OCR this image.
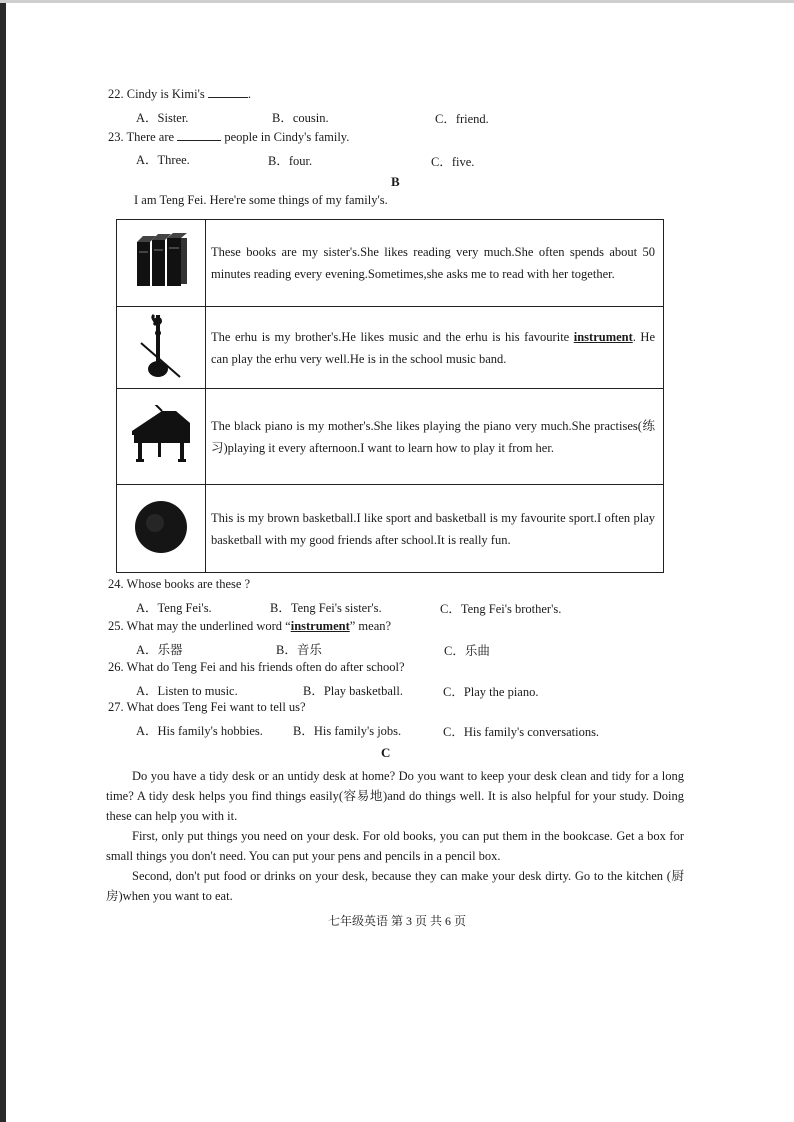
22. Cindy is Kimi's	.
A．Sister.	B．cousin.	C．friend.
23. There are	people in Cindy's family.
A．Three.	B．four.	C．five.
B
I am Teng Fei. Here're some things of my family's.
	These books are my sister's.She likes reading very much.She often spends about 50 minutes reading every evening.Sometimes,she asks me to read with her together.
	The erhu is my brother's.He likes music and the erhu is his favourite instrument. He can play the erhu very well.He is in the school music band.
	The black piano is my mother's.She likes playing the piano very much.She practises(练习)playing it every afternoon.I want to learn how to play it from her.
	This is my brown basketball.I like sport and basketball is my favourite sport.I often play basketball with my good friends after school.It is really fun.
24. Whose books are these ?
A．Teng Fei's.	B．Teng Fei's sister's.	C．Teng Fei's brother's.
25. What may the underlined word “instrument” mean?
A．乐器	B．音乐	C．乐曲
26. What do Teng Fei and his friends often do after school?
A．Listen to music.	B．Play basketball.	C．Play the piano.
27. What does Teng Fei want to tell us?
A．His family's hobbies. B．His family's jobs.	C．His family's conversations.
C
Do you have a tidy desk or an untidy desk at home? Do you want to keep your desk clean and tidy for a long time? A tidy desk helps you find things easily(容易地)and do things well. It is also helpful for your study. Doing these can help you with it.
First, only put things you need on your desk. For old books, you can put them in the bookcase. Get a box for small things you don't need. You can put your pens and pencils in a pencil box.
Second, don't put food or drinks on your desk, because they can make your desk dirty. Go to the kitchen (厨房)when you want to eat.
七年级英语 第 3 页 共 6 页
